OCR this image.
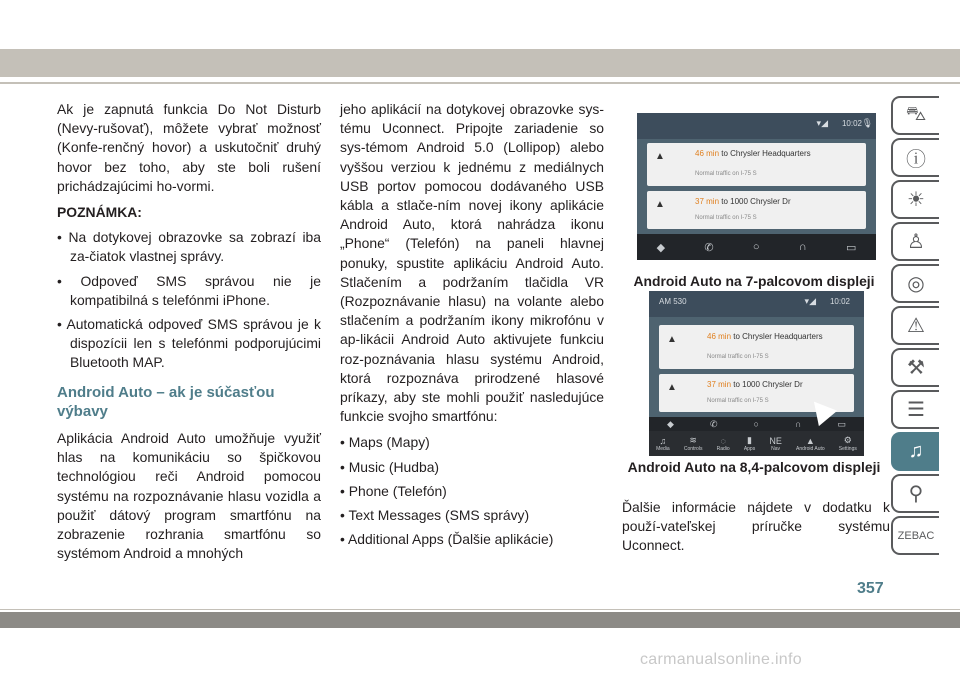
Ak je zapnutá funkcia Do Not Disturb (Nevy-rušovať), môžete vybrať možnosť (Konfe-renčný hovor) a uskutočniť druhý hovor bez toho, aby ste boli rušení prichádzajúcimi ho-vormi.

POZNÁMKA:
• Na dotykovej obrazovke sa zobrazí iba za-čiatok vlastnej správy.
• Odpoveď SMS správou nie je kompatibilná s telefónmi iPhone.
• Automatická odpoveď SMS správou je k dispozícii len s telefónmi podporujúcimi Bluetooth MAP.
Android Auto – ak je súčasťou výbavy

Aplikácia Android Auto umožňuje využiť hlas na komunikáciu so špičkovou technológiou reči Android pomocou systému na rozpoznávanie hlasu vozidla a použiť dátový program smartfónu na zobrazenie rozhrania smartfónu so systémom Android a mnohých

jeho aplikácií na dotykovej obrazovke sys-tému Uconnect. Pripojte zariadenie so sys-témom Android 5.0 (Lollipop) alebo vyššou verziou k jednému z mediálnych USB portov pomocou dodávaného USB kábla a stlače-ním novej ikony aplikácie Android Auto, ktorá nahrádza ikonu „Phone“ (Telefón) na paneli hlavnej ponuky, spustite aplikáciu Android Auto. Stlačením a podržaním tlačidla VR (Rozpoznávanie hlasu) na volante alebo stlačením a podržaním ikony mikrofónu v ap-likácii Android Auto aktivujete funkciu roz-poznávania hlasu systému Android, ktorá rozpoznáva prirodzené hlasové príkazy, aby ste mohli použiť nasledujúce funkcie svojho smartfónu:

• Maps (Mapy)
• Music (Hudba)
• Phone (Telefón)
• Text Messages (SMS správy)
• Additional Apps (Ďalšie aplikácie)
▾◢ 10:02 🎙
▲	46 min to Chrysler Headquarters
Normal traffic on I-75 S
▲	37 min to 1000 Chrysler Dr
Normal traffic on I-75 S
◆	✆	○	∩	▭
Android Auto na 7-palcovom displeji
AM 530	▾◢ 10:02
▲	46 min to Chrysler Headquarters
Normal traffic on I-75 S
▲	37 min to 1000 Chrysler Dr
Normal traffic on I-75 S
◆	✆	○	∩	▭
♫
Media
≋
Controls
◌
Radio
▮
Apps
NE
Nav
▲
Android Auto
⚙
Settings
Android Auto na 8,4-palcovom displeji

Ďalšie informácie nájdete v dodatku k použí-vateľskej príručke systému Uconnect.

⛍
ⓘ
☀
♙
◎
⚠
⚒
☰
♫
⚲
ZEBAC
357
carmanualsonline.info
